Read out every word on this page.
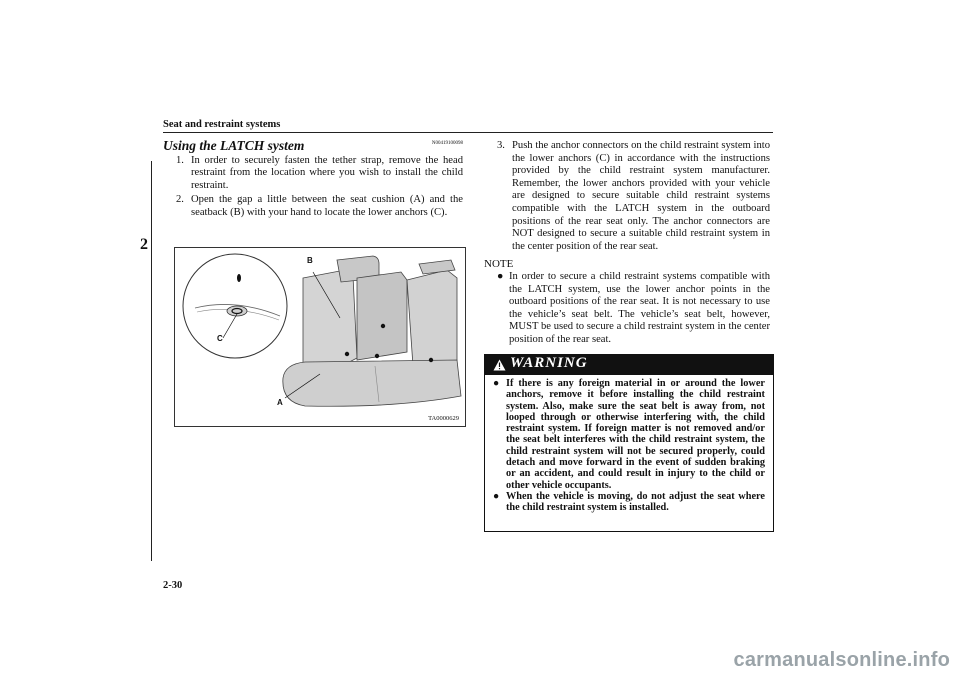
Seat and restraint systems
2
Using the LATCH system	N00419100098
1. In order to securely fasten the tether strap, remove the head restraint from the location where you wish to install the child restraint.
2. Open the gap a little between the seat cushion (A) and the seatback (B) with your hand to locate the lower anchors (C).
B
A
C
TA0000629
3. Push the anchor connectors on the child restraint system into the lower anchors (C) in accordance with the instructions provided by the child restraint system manufacturer. Remember, the lower anchors provided with your vehicle are designed to secure suitable child restraint systems compatible with the LATCH system in the outboard positions of the rear seat only. The anchor connectors are NOT designed to secure a suitable child restraint system in the center position of the rear seat.
NOTE
● In order to secure a child restraint systems compatible with the LATCH system, use the lower anchor points in the outboard positions of the rear seat. It is not necessary to use the vehicle’s seat belt. The vehicle’s seat belt, however, MUST be used to secure a child restraint system in the center position of the rear seat.
WARNING
● If there is any foreign material in or around the lower anchors, remove it before installing the child restraint system. Also, make sure the seat belt is away from, not looped through or otherwise interfering with, the child restraint system. If foreign matter is not removed and/or the seat belt interferes with the child restraint system, the child restraint system will not be secured properly, could detach and move forward in the event of sudden braking or an accident, and could result in injury to the child or other vehicle occupants.
● When the vehicle is moving, do not adjust the seat where the child restraint system is installed.
2-30
carmanualsonline.info
